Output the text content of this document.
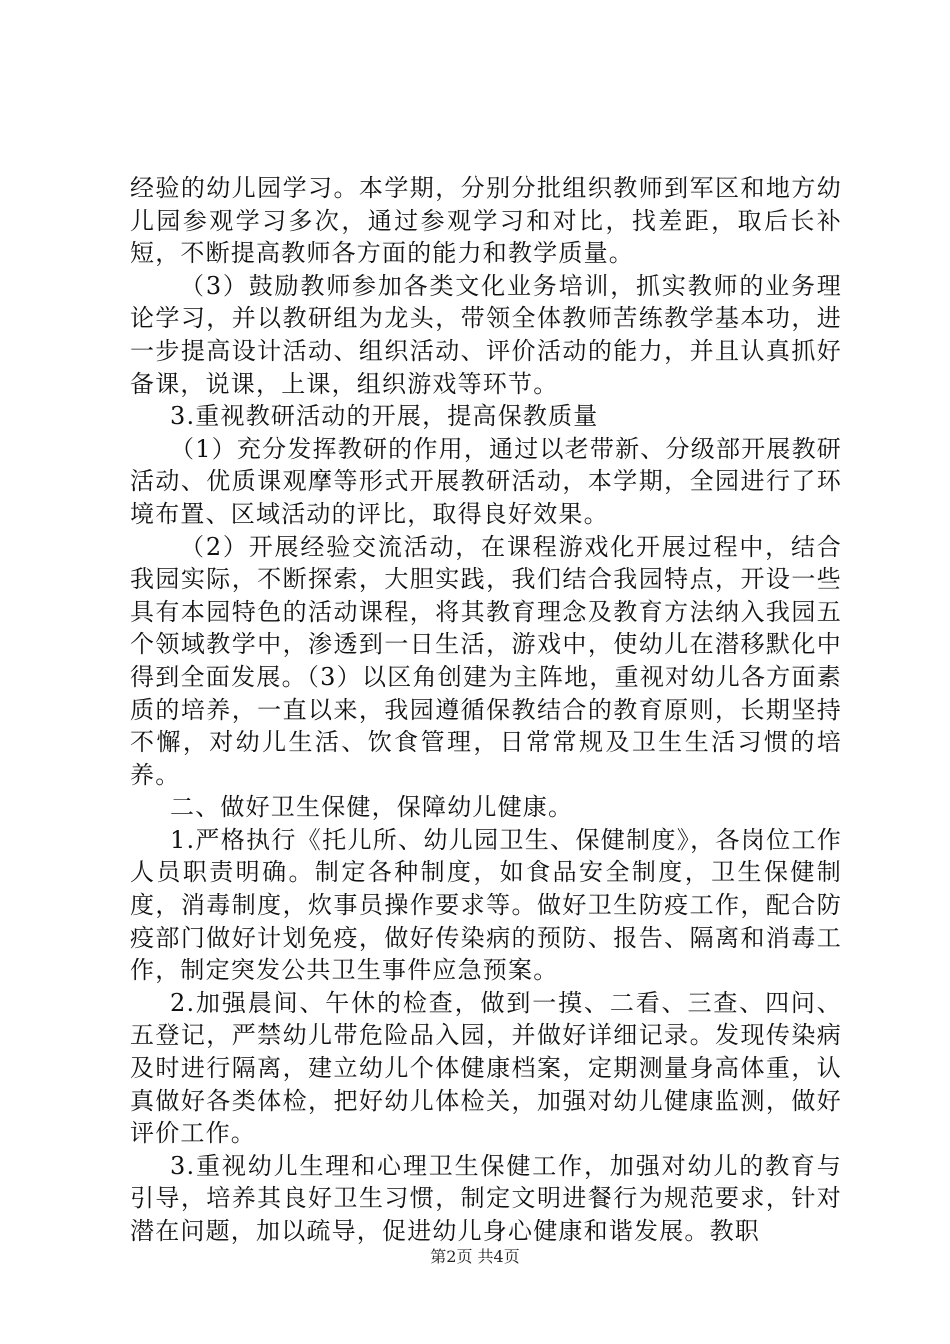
经验的幼儿园学习。本学期，分别分批组织教师到军区和地方幼儿园参观学习多次，通过参观学习和对比，找差距，取后长补短，不断提高教师各方面的能力和教学质量。

（3）鼓励教师参加各类文化业务培训，抓实教师的业务理论学习，并以教研组为龙头，带领全体教师苦练教学基本功，进一步提高设计活动、组织活动、评价活动的能力，并且认真抓好备课，说课，上课，组织游戏等环节。

3.重视教研活动的开展，提高保教质量

（1）充分发挥教研的作用，通过以老带新、分级部开展教研活动、优质课观摩等形式开展教研活动，本学期，全园进行了环境布置、区域活动的评比，取得良好效果。

（2）开展经验交流活动，在课程游戏化开展过程中，结合我园实际，不断探索，大胆实践，我们结合我园特点，开设一些具有本园特色的活动课程，将其教育理念及教育方法纳入我园五个领域教学中，渗透到一日生活，游戏中，使幼儿在潜移默化中得到全面发展。（3）以区角创建为主阵地，重视对幼儿各方面素质的培养，一直以来，我园遵循保教结合的教育原则，长期坚持不懈，对幼儿生活、饮食管理，日常常规及卫生生活习惯的培养。

二、做好卫生保健，保障幼儿健康。

1.严格执行《托儿所、幼儿园卫生、保健制度》，各岗位工作人员职责明确。制定各种制度，如食品安全制度，卫生保健制度，消毒制度，炊事员操作要求等。做好卫生防疫工作，配合防疫部门做好计划免疫，做好传染病的预防、报告、隔离和消毒工作，制定突发公共卫生事件应急预案。

2.加强晨间、午休的检查，做到一摸、二看、三查、四问、五登记，严禁幼儿带危险品入园，并做好详细记录。发现传染病及时进行隔离，建立幼儿个体健康档案，定期测量身高体重，认真做好各类体检，把好幼儿体检关，加强对幼儿健康监测，做好评价工作。

3.重视幼儿生理和心理卫生保健工作，加强对幼儿的教育与引导，培养其良好卫生习惯，制定文明进餐行为规范要求，针对潜在问题，加以疏导，促进幼儿身心健康和谐发展。教职

第2页 共4页
